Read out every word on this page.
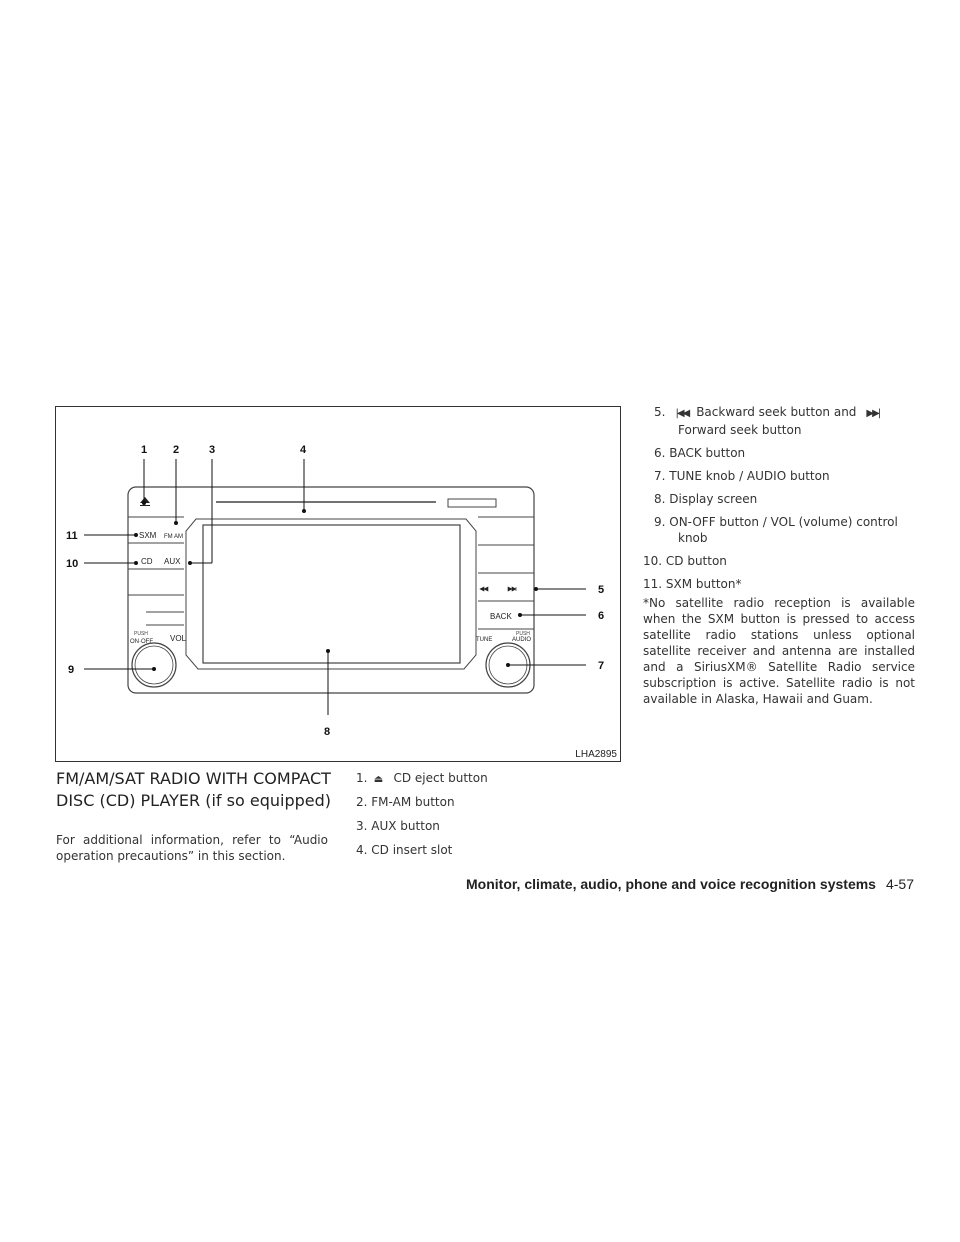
SXM FM AM
CD AUX
PUSH
ON·OFF VOL
BACK
TUNE
PUSH
AUDIO
1 2	3	4
5
6
7
8
9
10
11
LHA2895
FM/AM/SAT RADIO WITH COMPACT DISC (CD) PLAYER (if so equipped)
For additional information, refer to “Audio operation precautions” in this section.
1. ⏏ CD eject button
2. FM-AM button
3. AUX button
4. CD insert slot
5. |◀◀ Backward seek button and ▶▶|
Forward seek button
6. BACK button
7. TUNE knob / AUDIO button
8. Display screen
9. ON-OFF button / VOL (volume) control
knob
10. CD button
11. SXM button*
*No satellite radio reception is available when the SXM button is pressed to access satellite radio stations unless optional satellite receiver and antenna are installed and a SiriusXM® Satellite Radio service subscription is active. Satellite radio is not available in Alaska, Hawaii and Guam.
Monitor, climate, audio, phone and voice recognition systems 4-57
